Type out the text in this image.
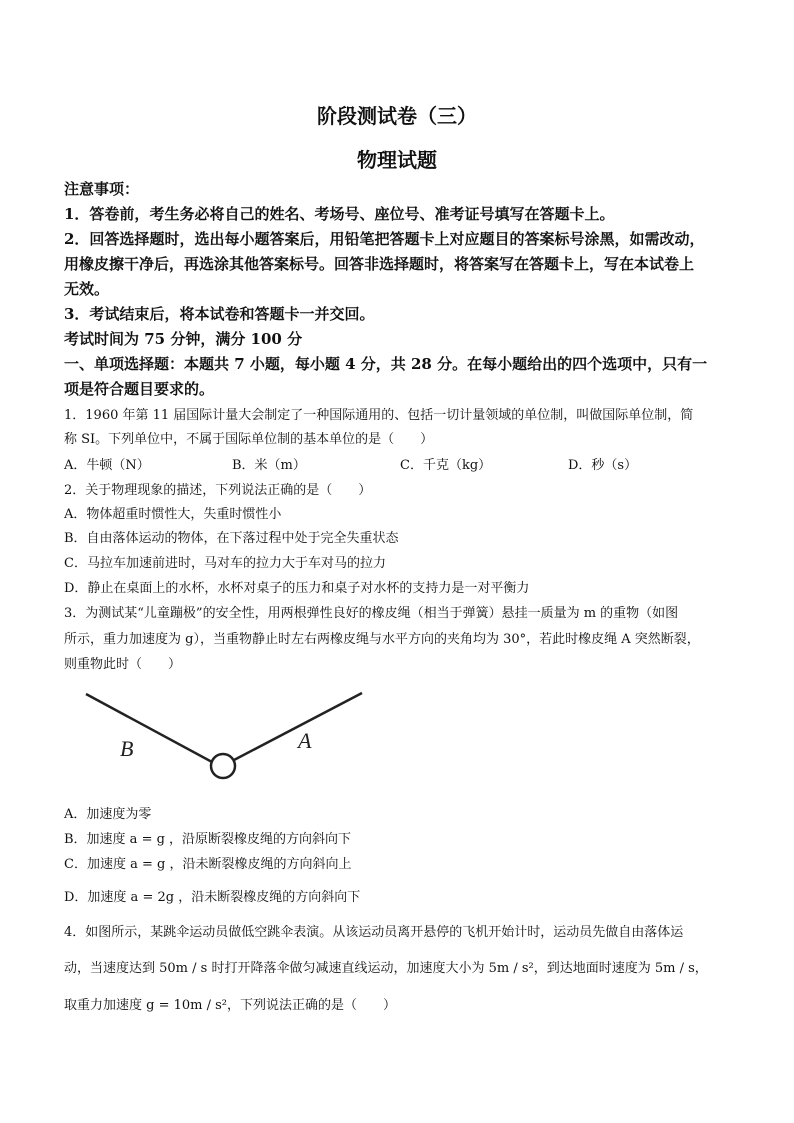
阶段测试卷（三）
物理试题
注意事项：
1．答卷前，考生务必将自己的姓名、考场号、座位号、准考证号填写在答题卡上。
2．回答选择题时，选出每小题答案后，用铅笔把答题卡上对应题目的答案标号涂黑，如需改动，
用橡皮擦干净后，再选涂其他答案标号。回答非选择题时，将答案写在答题卡上，写在本试卷上
无效。
3．考试结束后，将本试卷和答题卡一并交回。
考试时间为 75 分钟，满分 100 分
一、单项选择题：本题共 7 小题，每小题 4 分，共 28 分。在每小题给出的四个选项中，只有一
项是符合题目要求的。
1．1960 年第 11 届国际计量大会制定了一种国际通用的、包括一切计量领域的单位制，叫做国际单位制，简
称 SI。下列单位中，不属于国际单位制的基本单位的是（　　）
A．牛顿（N）	B．米（m）	C．千克（kg）	D．秒（s）
2．关于物理现象的描述，下列说法正确的是（　　）
A．物体超重时惯性大，失重时惯性小
B．自由落体运动的物体，在下落过程中处于完全失重状态
C．马拉车加速前进时，马对车的拉力大于车对马的拉力
D．静止在桌面上的水杯，水杯对桌子的压力和桌子对水杯的支持力是一对平衡力
3．为测试某“儿童蹦极”的安全性，用两根弹性良好的橡皮绳（相当于弹簧）悬挂一质量为 m 的重物（如图
所示，重力加速度为 g），当重物静止时左右两橡皮绳与水平方向的夹角均为 30°，若此时橡皮绳 A 突然断裂，
则重物此时（　　）
B	A
A．加速度为零
B．加速度 a = g ，沿原断裂橡皮绳的方向斜向下
C．加速度 a = g ，沿未断裂橡皮绳的方向斜向上
D．加速度 a = 2g ，沿未断裂橡皮绳的方向斜向下
4．如图所示，某跳伞运动员做低空跳伞表演。从该运动员离开悬停的飞机开始计时，运动员先做自由落体运
动，当速度达到 50m / s 时打开降落伞做匀减速直线运动，加速度大小为 5m / s²，到达地面时速度为 5m / s，
取重力加速度 g = 10m / s²，下列说法正确的是（　　）
